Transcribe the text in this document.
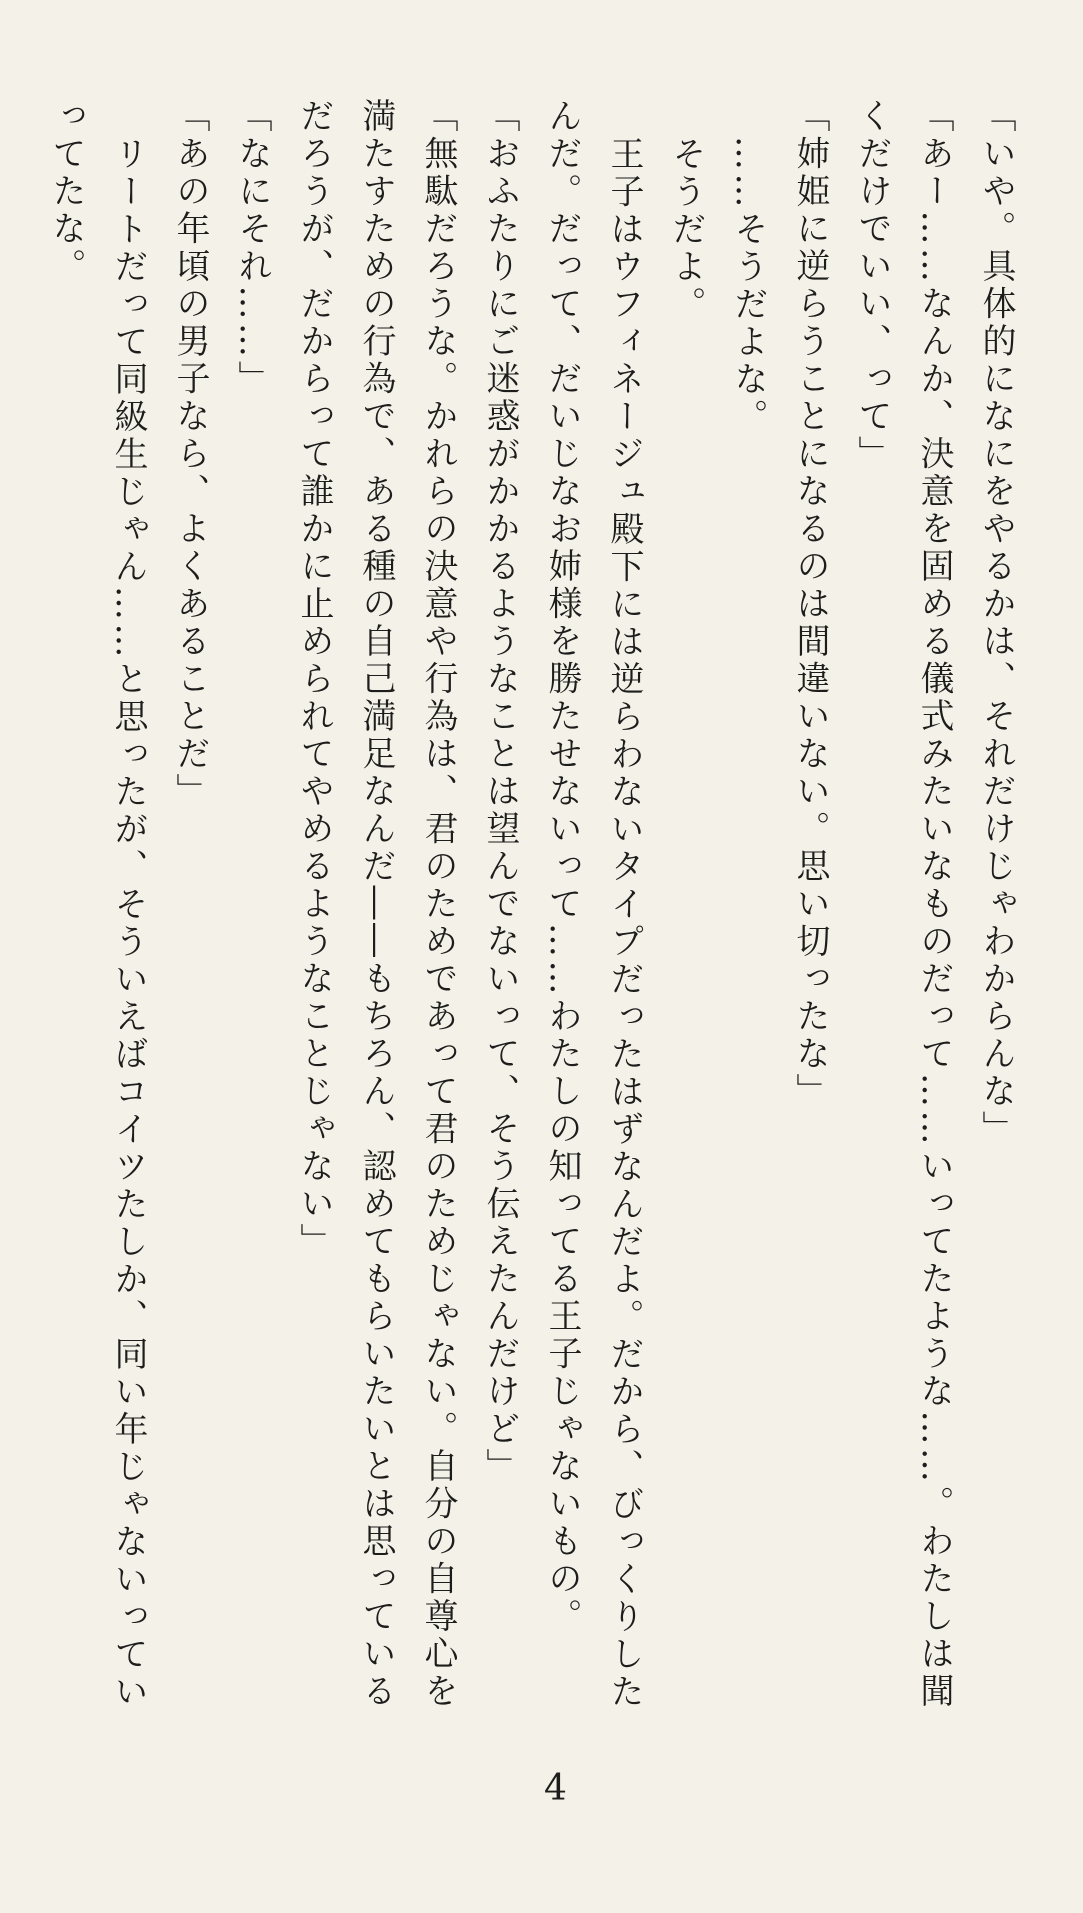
「いや。具体的になにをやるかは、それだけじゃわからんな」

「あー……なんか、決意を固める儀式みたいなものだって……いってたような……。わたしは聞くだけでいい、って」

「姉姫に逆らうことになるのは間違いない。思い切ったな」

……そうだよな。

そうだよ。

王子はウフィネージュ殿下には逆らわないタイプだったはずなんだよ。だから、びっくりしたんだ。だって、だいじなお姉様を勝たせないって……わたしの知ってる王子じゃないもの。

「おふたりにご迷惑がかかるようなことは望んでないって、そう伝えたんだけど」

「無駄だろうな。かれらの決意や行為は、君のためであって君のためじゃない。自分の自尊心を満たすための行為で、ある種の自己満足なんだ――もちろん、認めてもらいたいとは思っているだろうが、だからって誰かに止められてやめるようなことじゃない」

「なにそれ……」

「あの年頃の男子なら、よくあることだ」

リートだって同級生じゃん……と思ったが、そういえばコイツたしか、同い年じゃないっていってたな。

4
